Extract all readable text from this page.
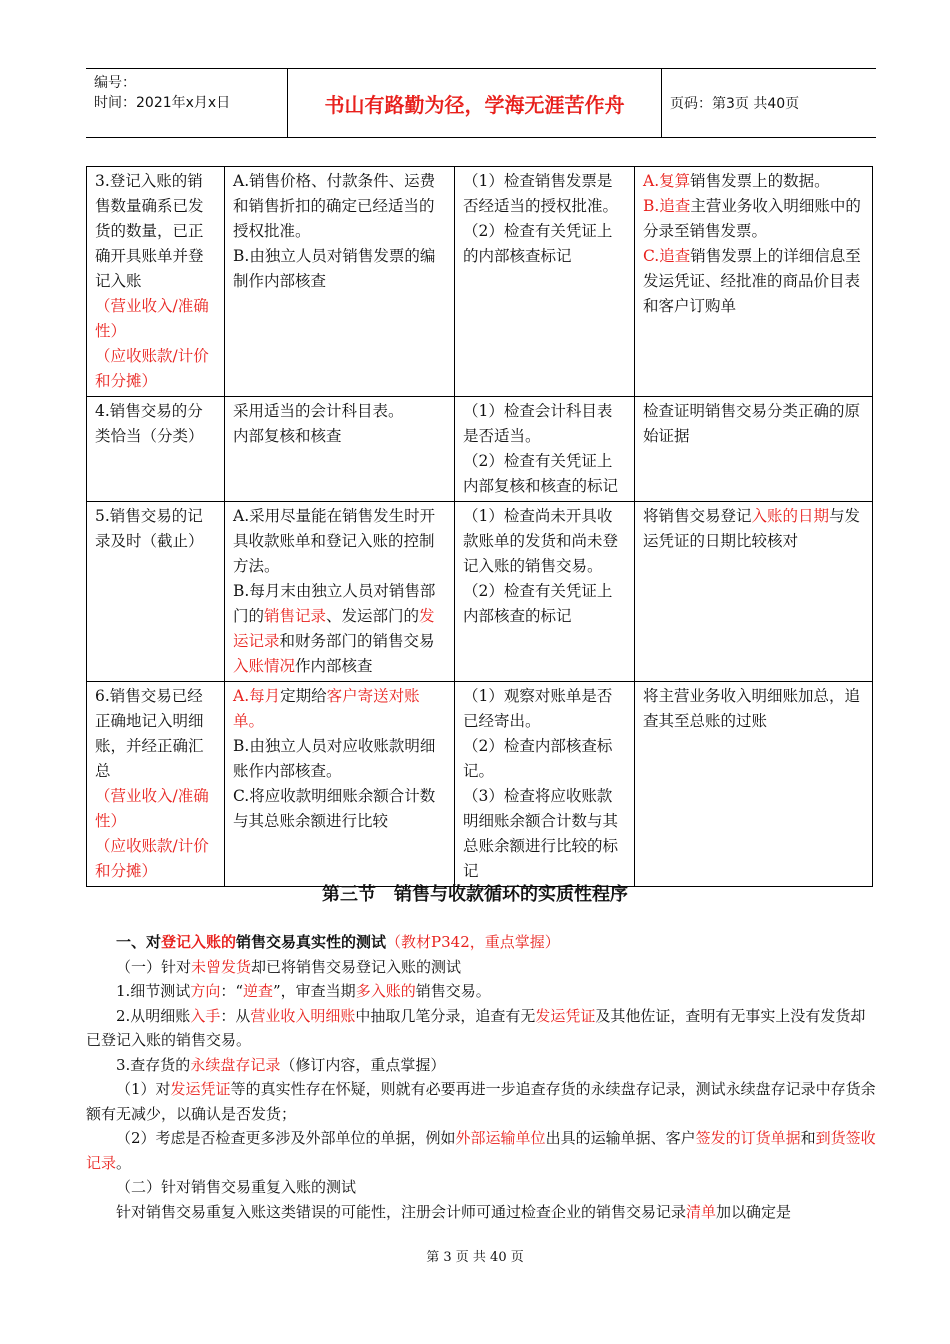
编号：
时间：2021年x月x日	书山有路勤为径，学海无涯苦作舟	页码：第3页 共40页
3.登记入账的销售数量确系已发货的数量，已正确开具账单并登记入账
（营业收入/准确性）
（应收账款/计价和分摊）	A.销售价格、付款条件、运费和销售折扣的确定已经适当的授权批准。
B.由独立人员对销售发票的编制作内部核查	（1）检查销售发票是否经适当的授权批准。
（2）检查有关凭证上的内部核查标记	A.复算销售发票上的数据。
B.追查主营业务收入明细账中的分录至销售发票。
C.追查销售发票上的详细信息至发运凭证、经批准的商品价目表和客户订购单
4.销售交易的分类恰当（分类）	采用适当的会计科目表。
内部复核和核查	（1）检查会计科目表是否适当。
（2）检查有关凭证上内部复核和核查的标记	检查证明销售交易分类正确的原始证据
5.销售交易的记录及时（截止）	A.采用尽量能在销售发生时开具收款账单和登记入账的控制方法。
B.每月末由独立人员对销售部门的销售记录、发运部门的发运记录和财务部门的销售交易入账情况作内部核查	（1）检查尚未开具收款账单的发货和尚未登记入账的销售交易。
（2）检查有关凭证上内部核查的标记	将销售交易登记入账的日期与发运凭证的日期比较核对
6.销售交易已经正确地记入明细账，并经正确汇总
（营业收入/准确性）
（应收账款/计价和分摊）	A.每月定期给客户寄送对账单。
B.由独立人员对应收账款明细账作内部核查。
C.将应收款明细账余额合计数与其总账余额进行比较	（1）观察对账单是否已经寄出。
（2）检查内部核查标记。
（3）检查将应收账款明细账余额合计数与其总账余额进行比较的标记	将主营业务收入明细账加总，追查其至总账的过账
第三节　销售与收款循环的实质性程序

一、对登记入账的销售交易真实性的测试（教材P342，重点掌握）

（一）针对未曾发货却已将销售交易登记入账的测试

1.细节测试方向：“逆查”，审查当期多入账的销售交易。

2.从明细账入手：从营业收入明细账中抽取几笔分录，追查有无发运凭证及其他佐证，查明有无事实上没有发货却已登记入账的销售交易。

3.查存货的永续盘存记录（修订内容，重点掌握）

（1）对发运凭证等的真实性存在怀疑，则就有必要再进一步追查存货的永续盘存记录，测试永续盘存记录中存货余额有无减少，以确认是否发货；

（2）考虑是否检查更多涉及外部单位的单据，例如外部运输单位出具的运输单据、客户签发的订货单据和到货签收记录。

（二）针对销售交易重复入账的测试

针对销售交易重复入账这类错误的可能性，注册会计师可通过检查企业的销售交易记录清单加以确定是

第 3 页 共 40 页
